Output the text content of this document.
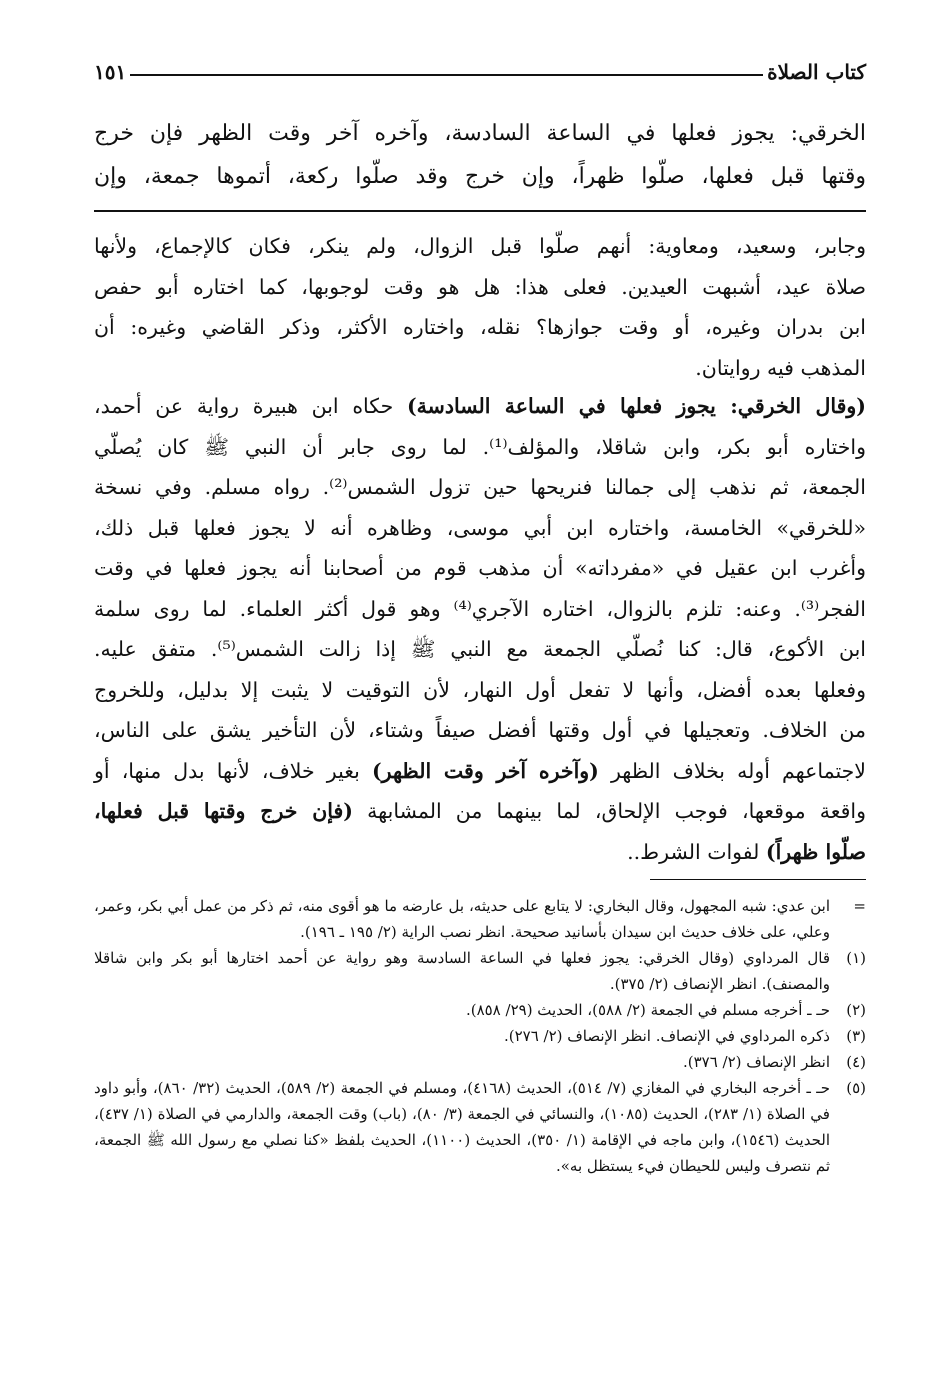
كتاب الصلاة
١٥١
الخرقي: يجوز فعلها في الساعة السادسة، وآخره آخر وقت الظهر فإن خرج
وقتها قبل فعلها، صلّوا ظهراً، وإن خرج وقد صلّوا ركعة، أتموها جمعة، وإن
وجابر، وسعيد، ومعاوية: أنهم صلّوا قبل الزوال، ولم ينكر، فكان كالإجماع، ولأنها
صلاة عيد، أشبهت العيدين. فعلى هذا: هل هو وقت لوجوبها، كما اختاره أبو حفص
ابن بدران وغيره، أو وقت جوازها؟ نقله، واختاره الأكثر، وذكر القاضي وغيره: أن
المذهب فيه روايتان.
(وقال الخرقي: يجوز فعلها في الساعة السادسة) حكاه ابن هبيرة رواية عن أحمد،
واختاره أبو بكر، وابن شاقلا، والمؤلف⁽¹⁾. لما روى جابر أن النبي ﷺ كان يُصلّي
الجمعة، ثم نذهب إلى جمالنا فنريحها حين تزول الشمس⁽²⁾. رواه مسلم. وفي نسخة
«للخرقي» الخامسة، واختاره ابن أبي موسى، وظاهره أنه لا يجوز فعلها قبل ذلك،
وأغرب ابن عقيل في «مفرداته» أن مذهب قوم من أصحابنا أنه يجوز فعلها في وقت
الفجر⁽³⁾. وعنه: تلزم بالزوال، اختاره الآجري⁽⁴⁾ وهو قول أكثر العلماء. لما روى سلمة
ابن الأكوع، قال: كنا نُصلّي الجمعة مع النبي ﷺ إذا زالت الشمس⁽⁵⁾. متفق عليه.
وفعلها بعده أفضل، وأنها لا تفعل أول النهار، لأن التوقيت لا يثبت إلا بدليل، وللخروج
من الخلاف. وتعجيلها في أول وقتها أفضل صيفاً وشتاء، لأن التأخير يشق على الناس،
لاجتماعهم أوله بخلاف الظهر (وآخره آخر وقت الظهر) بغير خلاف، لأنها بدل منها، أو
واقعة موقعها، فوجب الإلحاق، لما بينهما من المشابهة (فإن خرج وقتها قبل فعلها،
صلّوا ظهراً) لفوات الشرط..
=
ابن عدي: شبه المجهول، وقال البخاري: لا يتابع على حديثه، بل عارضه ما هو أقوى منه، ثم ذكر من عمل أبي بكر، وعمر، وعلي، على خلاف حديث ابن سيدان بأسانيد صحيحة. انظر نصب الراية (٢/ ١٩٥ ـ ١٩٦).
(١)
قال المرداوي (وقال الخرقي: يجوز فعلها في الساعة السادسة وهو رواية عن أحمد اختارها أبو بكر وابن شاقلا والمصنف). انظر الإنصاف (٢/ ٣٧٥).
(٢)
حـ ـ أخرجه مسلم في الجمعة (٢/ ٥٨٨)، الحديث (٢٩/ ٨٥٨).
(٣)
ذكره المرداوي في الإنصاف. انظر الإنصاف (٢/ ٢٧٦).
(٤)
انظر الإنصاف (٢/ ٣٧٦).
(٥)
حـ ـ أخرجه البخاري في المغازي (٧/ ٥١٤)، الحديث (٤١٦٨)، ومسلم في الجمعة (٢/ ٥٨٩)، الحديث (٣٢/ ٨٦٠)، وأبو داود في الصلاة (١/ ٢٨٣)، الحديث (١٠٨٥)، والنسائي في الجمعة (٣/ ٨٠)، (باب) وقت الجمعة، والدارمي في الصلاة (١/ ٤٣٧)، الحديث (١٥٤٦)، وابن ماجه في الإقامة (١/ ٣٥٠)، الحديث (١١٠٠)، الحديث بلفظ «كنا نصلي مع رسول الله ﷺ الجمعة، ثم نتصرف وليس للحيطان فيء يستظل به».
